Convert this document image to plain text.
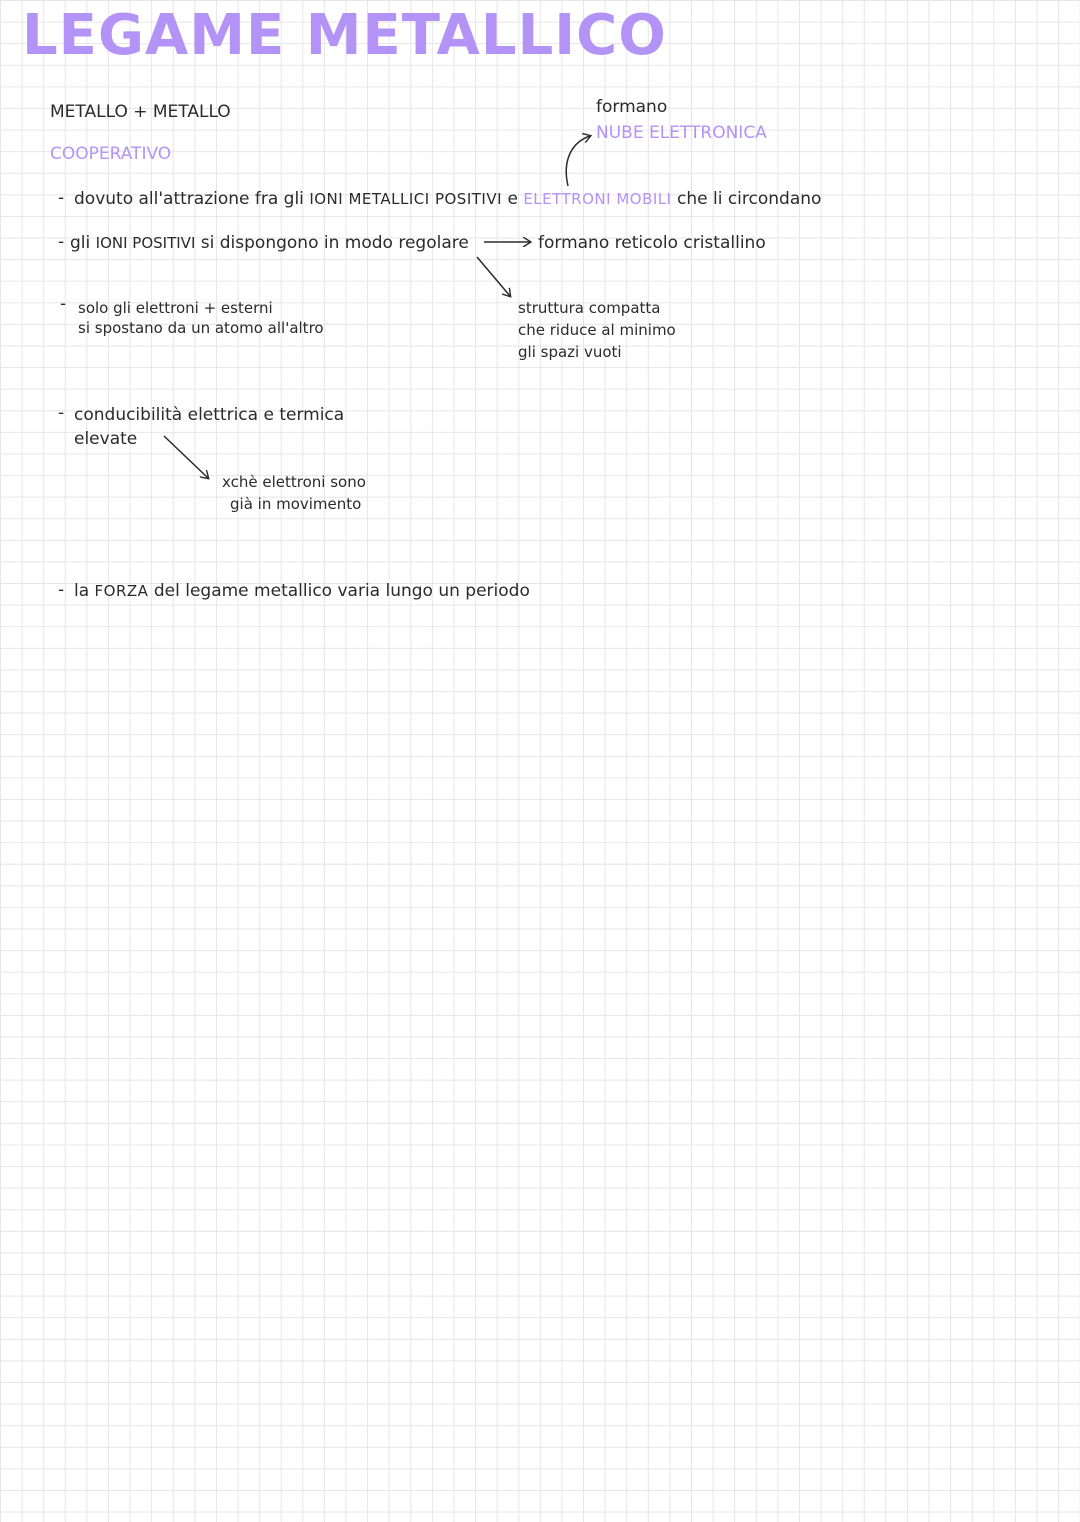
LEGAME METALLICO
METALLO + METALLO
COOPERATIVO
formano
NUBE ELETTRONICA
- dovuto all'attrazione fra gli IONI METALLICI POSITIVI e ELETTRONI MOBILI che li circondano
- gli IONI POSITIVI si dispongono in modo regolare	formano reticolo cristallino
struttura compatta
che riduce al minimo
gli spazi vuoti
- solo gli elettroni + esterni
si spostano da un atomo all'altro
- conducibilità elettrica e termica
elevate
xchè elettroni sono
già in movimento
- la FORZA del legame metallico varia lungo un periodo
